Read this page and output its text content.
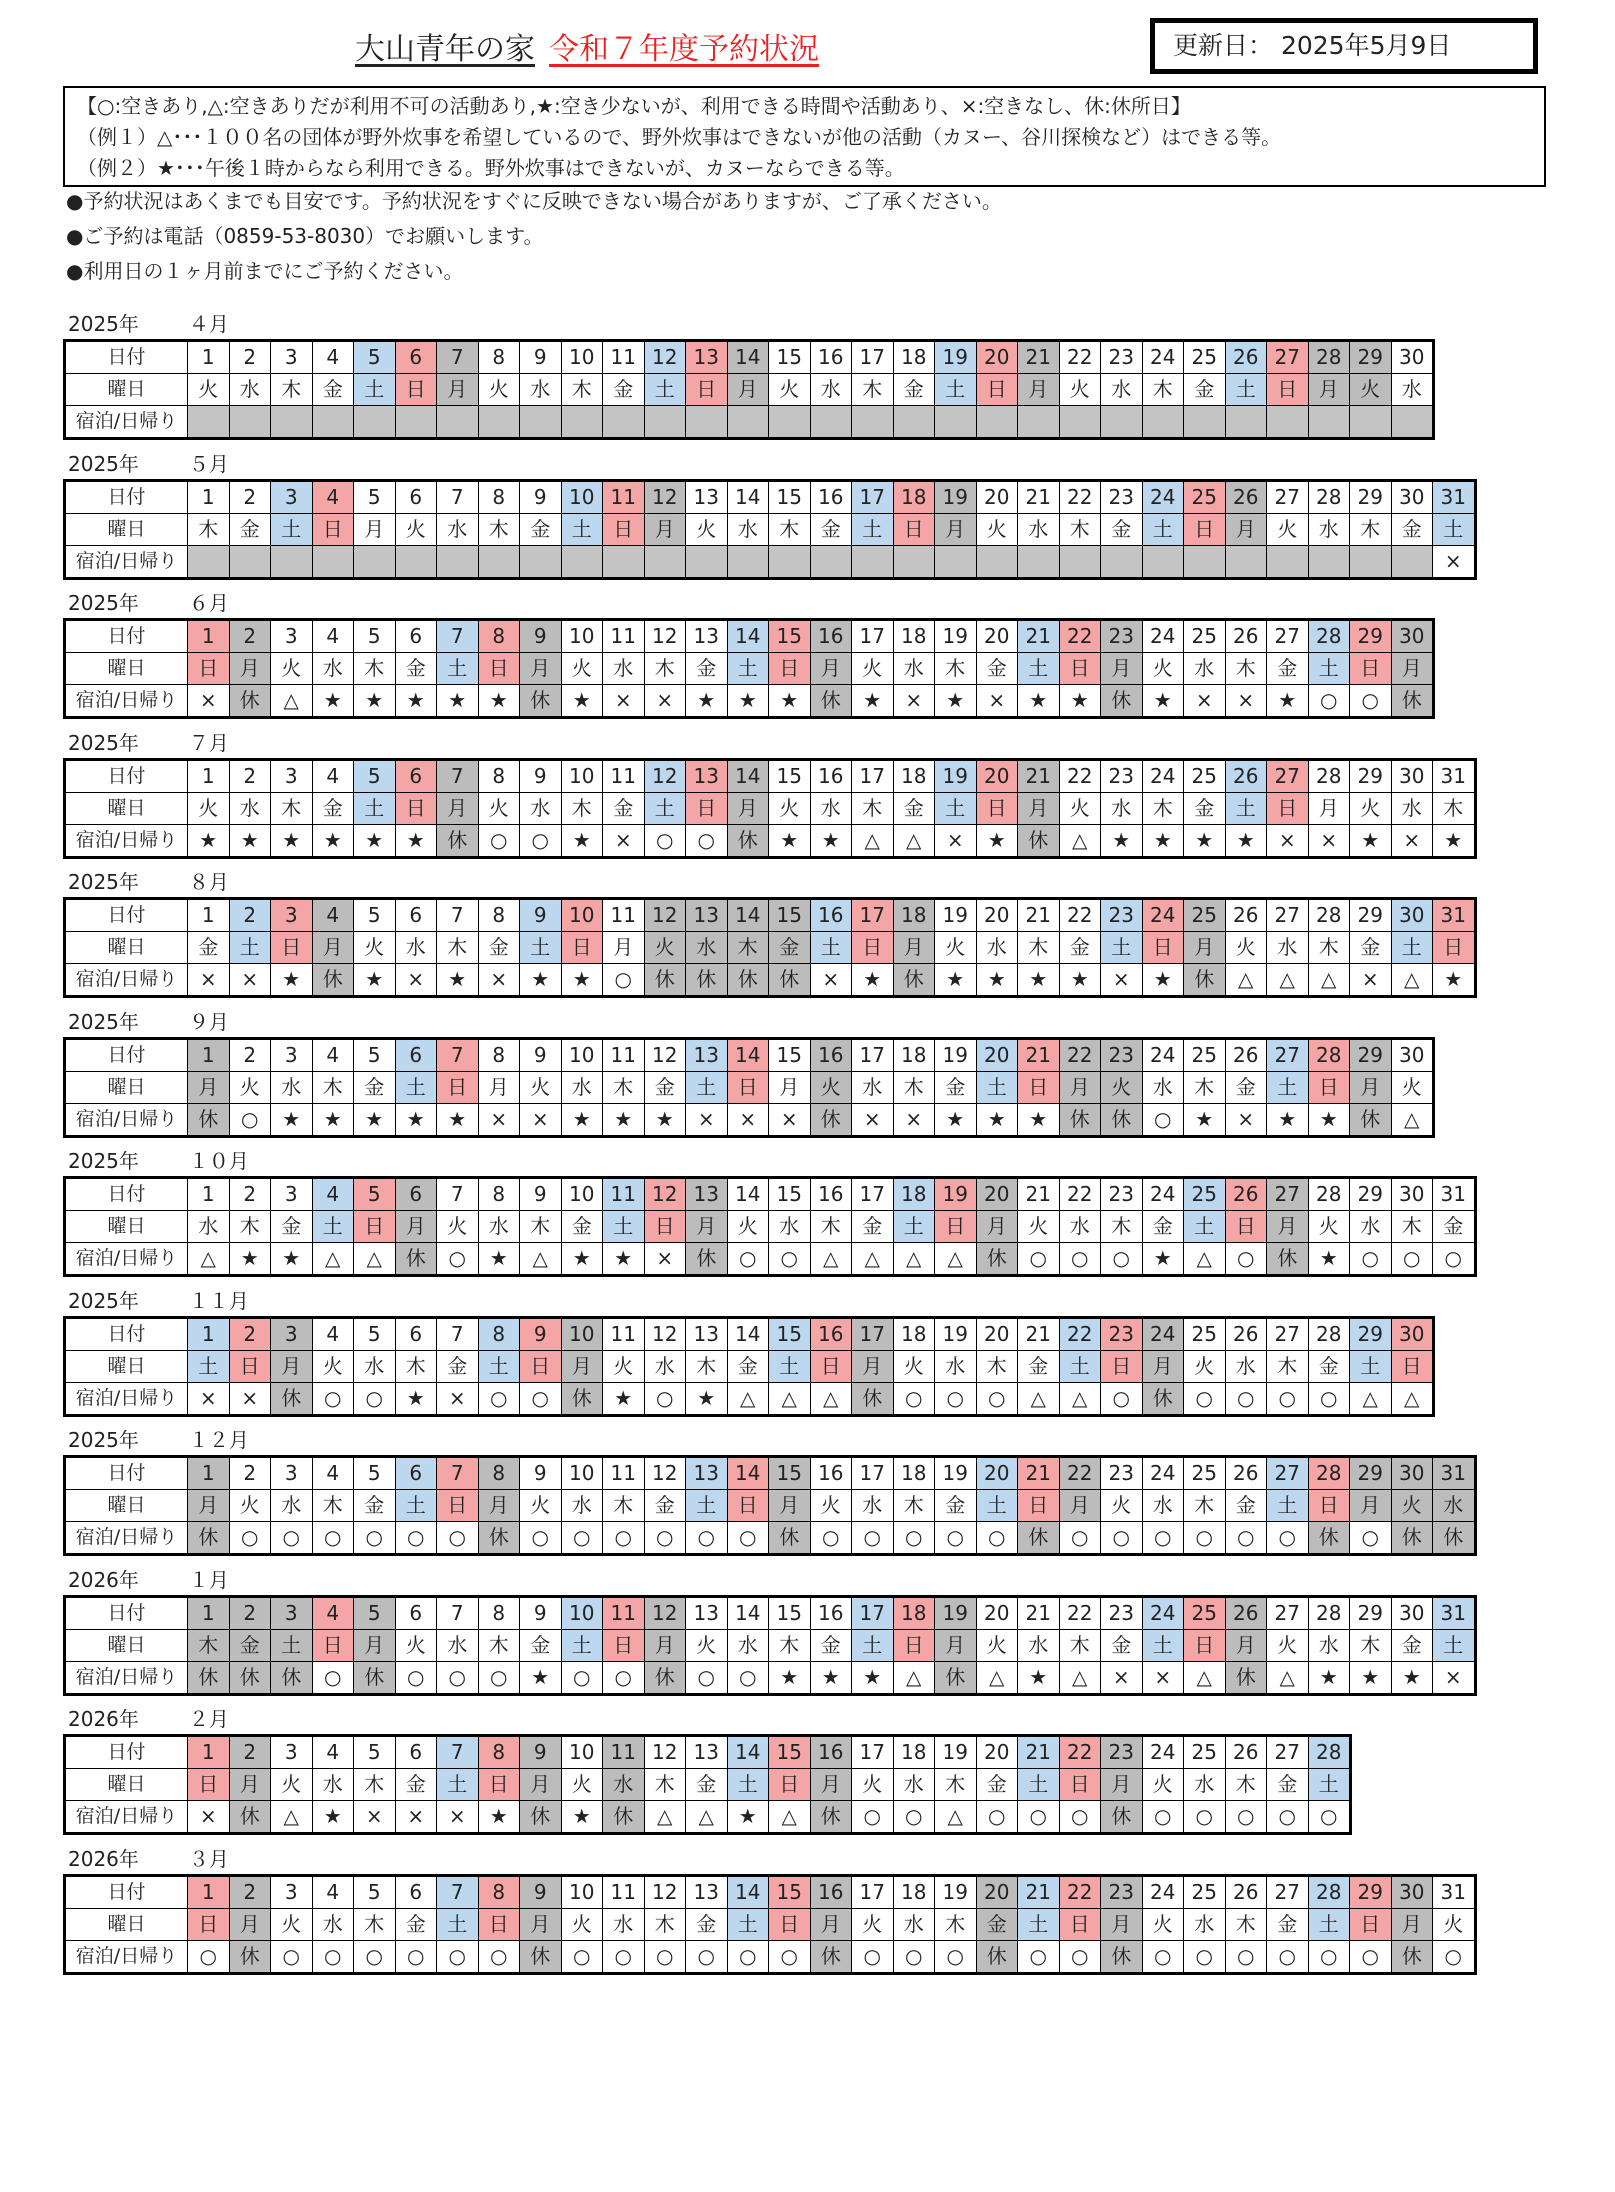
大山青年の家 令和７年度予約状況	更新日： 2025年5月9日
【○:空きあり,△:空きありだが利用不可の活動あり,★:空き少ないが、利用できる時間や活動あり、×:空きなし、休:休所日】
（例１）△･･･１００名の団体が野外炊事を希望しているので、野外炊事はできないが他の活動（カヌー、谷川探検など）はできる等。
（例２）★･･･午後１時からなら利用できる。野外炊事はできないが、カヌーならできる等。
●予約状況はあくまでも目安です。予約状況をすぐに反映できない場合がありますが、ご了承ください。
●ご予約は電話（0859-53-8030）でお願いします。
●利用日の１ヶ月前までにご予約ください。
2025年	４月
日付	1	2	3	4	5	6	7	8	9	10	11	12	13	14	15	16	17	18	19	20	21	22	23	24	25	26	27	28	29	30
曜日	火	水	木	金	土	日	月	火	水	木	金	土	日	月	火	水	木	金	土	日	月	火	水	木	金	土	日	月	火	水
宿泊/日帰り																														
2025年	５月
日付	1	2	3	4	5	6	7	8	9	10	11	12	13	14	15	16	17	18	19	20	21	22	23	24	25	26	27	28	29	30	31
曜日	木	金	土	日	月	火	水	木	金	土	日	月	火	水	木	金	土	日	月	火	水	木	金	土	日	月	火	水	木	金	土
宿泊/日帰り																															×
2025年	６月
日付	1	2	3	4	5	6	7	8	9	10	11	12	13	14	15	16	17	18	19	20	21	22	23	24	25	26	27	28	29	30
曜日	日	月	火	水	木	金	土	日	月	火	水	木	金	土	日	月	火	水	木	金	土	日	月	火	水	木	金	土	日	月
宿泊/日帰り	×	休	△	★	★	★	★	★	休	★	×	×	★	★	★	休	★	×	★	×	★	★	休	★	×	×	★	○	○	休
2025年	７月
日付	1	2	3	4	5	6	7	8	9	10	11	12	13	14	15	16	17	18	19	20	21	22	23	24	25	26	27	28	29	30	31
曜日	火	水	木	金	土	日	月	火	水	木	金	土	日	月	火	水	木	金	土	日	月	火	水	木	金	土	日	月	火	水	木
宿泊/日帰り	★	★	★	★	★	★	休	○	○	★	×	○	○	休	★	★	△	△	×	★	休	△	★	★	★	★	×	×	★	×	★
2025年	８月
日付	1	2	3	4	5	6	7	8	9	10	11	12	13	14	15	16	17	18	19	20	21	22	23	24	25	26	27	28	29	30	31
曜日	金	土	日	月	火	水	木	金	土	日	月	火	水	木	金	土	日	月	火	水	木	金	土	日	月	火	水	木	金	土	日
宿泊/日帰り	×	×	★	休	★	×	★	×	★	★	○	休	休	休	休	×	★	休	★	★	★	★	×	★	休	△	△	△	×	△	★
2025年	９月
日付	1	2	3	4	5	6	7	8	9	10	11	12	13	14	15	16	17	18	19	20	21	22	23	24	25	26	27	28	29	30
曜日	月	火	水	木	金	土	日	月	火	水	木	金	土	日	月	火	水	木	金	土	日	月	火	水	木	金	土	日	月	火
宿泊/日帰り	休	○	★	★	★	★	★	×	×	★	★	★	×	×	×	休	×	×	★	★	★	休	休	○	★	×	★	★	休	△
2025年	１０月
日付	1	2	3	4	5	6	7	8	9	10	11	12	13	14	15	16	17	18	19	20	21	22	23	24	25	26	27	28	29	30	31
曜日	水	木	金	土	日	月	火	水	木	金	土	日	月	火	水	木	金	土	日	月	火	水	木	金	土	日	月	火	水	木	金
宿泊/日帰り	△	★	★	△	△	休	○	★	△	★	★	×	休	○	○	△	△	△	△	休	○	○	○	★	△	○	休	★	○	○	○
2025年	１１月
日付	1	2	3	4	5	6	7	8	9	10	11	12	13	14	15	16	17	18	19	20	21	22	23	24	25	26	27	28	29	30
曜日	土	日	月	火	水	木	金	土	日	月	火	水	木	金	土	日	月	火	水	木	金	土	日	月	火	水	木	金	土	日
宿泊/日帰り	×	×	休	○	○	★	×	○	○	休	★	○	★	△	△	△	休	○	○	○	△	△	○	休	○	○	○	○	△	△
2025年	１２月
日付	1	2	3	4	5	6	7	8	9	10	11	12	13	14	15	16	17	18	19	20	21	22	23	24	25	26	27	28	29	30	31
曜日	月	火	水	木	金	土	日	月	火	水	木	金	土	日	月	火	水	木	金	土	日	月	火	水	木	金	土	日	月	火	水
宿泊/日帰り	休	○	○	○	○	○	○	休	○	○	○	○	○	○	休	○	○	○	○	○	休	○	○	○	○	○	○	休	○	休	休
2026年	１月
日付	1	2	3	4	5	6	7	8	9	10	11	12	13	14	15	16	17	18	19	20	21	22	23	24	25	26	27	28	29	30	31
曜日	木	金	土	日	月	火	水	木	金	土	日	月	火	水	木	金	土	日	月	火	水	木	金	土	日	月	火	水	木	金	土
宿泊/日帰り	休	休	休	○	休	○	○	○	★	○	○	休	○	○	★	★	★	△	休	△	★	△	×	×	△	休	△	★	★	★	×
2026年	２月
日付	1	2	3	4	5	6	7	8	9	10	11	12	13	14	15	16	17	18	19	20	21	22	23	24	25	26	27	28
曜日	日	月	火	水	木	金	土	日	月	火	水	木	金	土	日	月	火	水	木	金	土	日	月	火	水	木	金	土
宿泊/日帰り	×	休	△	★	×	×	×	★	休	★	休	△	△	★	△	休	○	○	△	○	○	○	休	○	○	○	○	○
2026年	３月
日付	1	2	3	4	5	6	7	8	9	10	11	12	13	14	15	16	17	18	19	20	21	22	23	24	25	26	27	28	29	30	31
曜日	日	月	火	水	木	金	土	日	月	火	水	木	金	土	日	月	火	水	木	金	土	日	月	火	水	木	金	土	日	月	火
宿泊/日帰り	○	休	○	○	○	○	○	○	休	○	○	○	○	○	○	休	○	○	○	休	○	○	休	○	○	○	○	○	○	休	○
